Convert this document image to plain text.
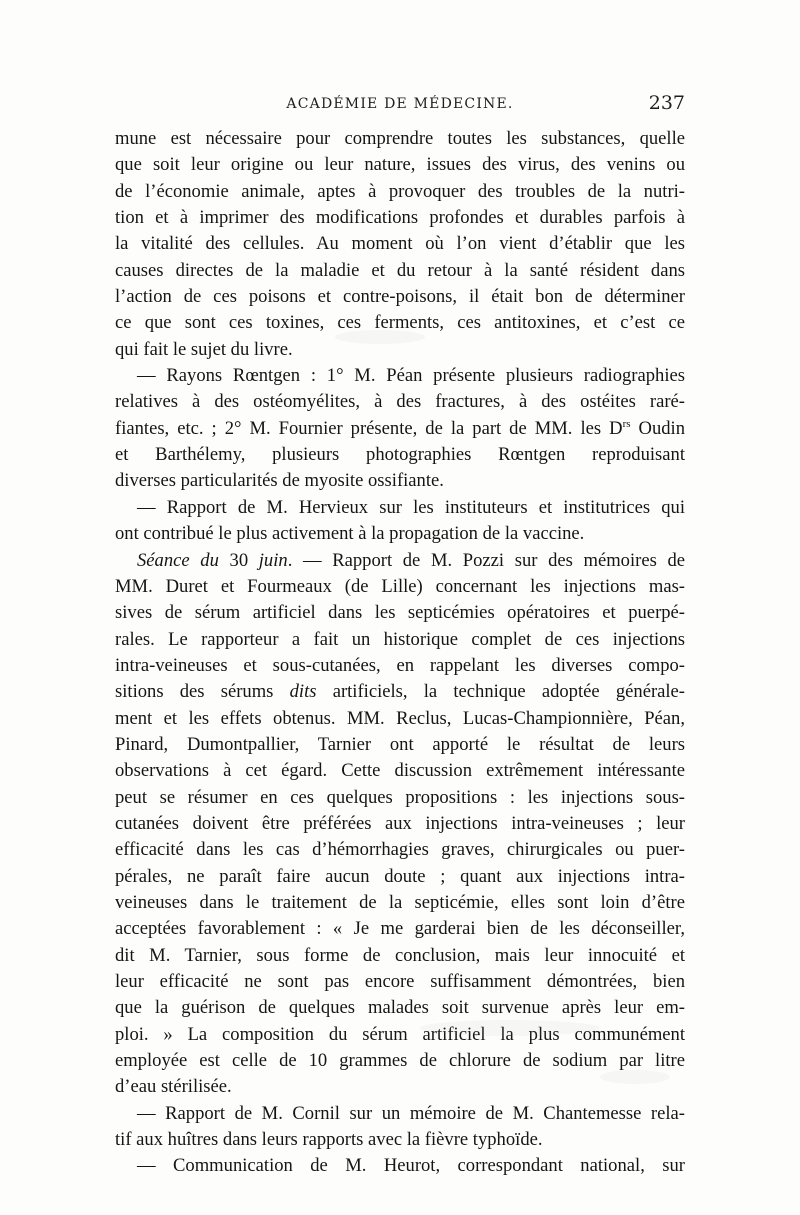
ACADÉMIE DE MÉDECINE.	237
mune est nécessaire pour comprendre toutes les substances, quelle
que soit leur origine ou leur nature, issues des virus, des venins ou
de l’économie animale, aptes à provoquer des troubles de la nutri-
tion et à imprimer des modifications profondes et durables parfois à
la vitalité des cellules. Au moment où l’on vient d’établir que les
causes directes de la maladie et du retour à la santé résident dans
l’action de ces poisons et contre-poisons, il était bon de déterminer
ce que sont ces toxines, ces ferments, ces antitoxines, et c’est ce
qui fait le sujet du livre.
— Rayons Rœntgen : 1° M. Péan présente plusieurs radiographies
relatives à des ostéomyélites, à des fractures, à des ostéites raré-
fiantes, etc. ; 2° M. Fournier présente, de la part de MM. les $D^{rs}$ Oudin
et Barthélemy, plusieurs photographies Rœntgen reproduisant
diverses particularités de myosite ossifiante.
— Rapport de M. Hervieux sur les instituteurs et institutrices qui
ont contribué le plus activement à la propagation de la vaccine.
Séance du 30 juin. — Rapport de M. Pozzi sur des mémoires de
MM. Duret et Fourmeaux (de Lille) concernant les injections mas-
sives de sérum artificiel dans les septicémies opératoires et puerpé-
rales. Le rapporteur a fait un historique complet de ces injections
intra-veineuses et sous-cutanées, en rappelant les diverses compo-
sitions des sérums dits artificiels, la technique adoptée générale-
ment et les effets obtenus. MM. Reclus, Lucas-Championnière, Péan,
Pinard, Dumontpallier, Tarnier ont apporté le résultat de leurs
observations à cet égard. Cette discussion extrêmement intéressante
peut se résumer en ces quelques propositions : les injections sous-
cutanées doivent être préférées aux injections intra-veineuses ; leur
efficacité dans les cas d’hémorrhagies graves, chirurgicales ou puer-
pérales, ne paraît faire aucun doute ; quant aux injections intra-
veineuses dans le traitement de la septicémie, elles sont loin d’être
acceptées favorablement : « Je me garderai bien de les déconseiller,
dit M. Tarnier, sous forme de conclusion, mais leur innocuité et
leur efficacité ne sont pas encore suffisamment démontrées, bien
que la guérison de quelques malades soit survenue après leur em-
ploi. » La composition du sérum artificiel la plus communément
employée est celle de 10 grammes de chlorure de sodium par litre
d’eau stérilisée.
— Rapport de M. Cornil sur un mémoire de M. Chantemesse rela-
tif aux huîtres dans leurs rapports avec la fièvre typhoïde.
— Communication de M. Heurot, correspondant national, sur
